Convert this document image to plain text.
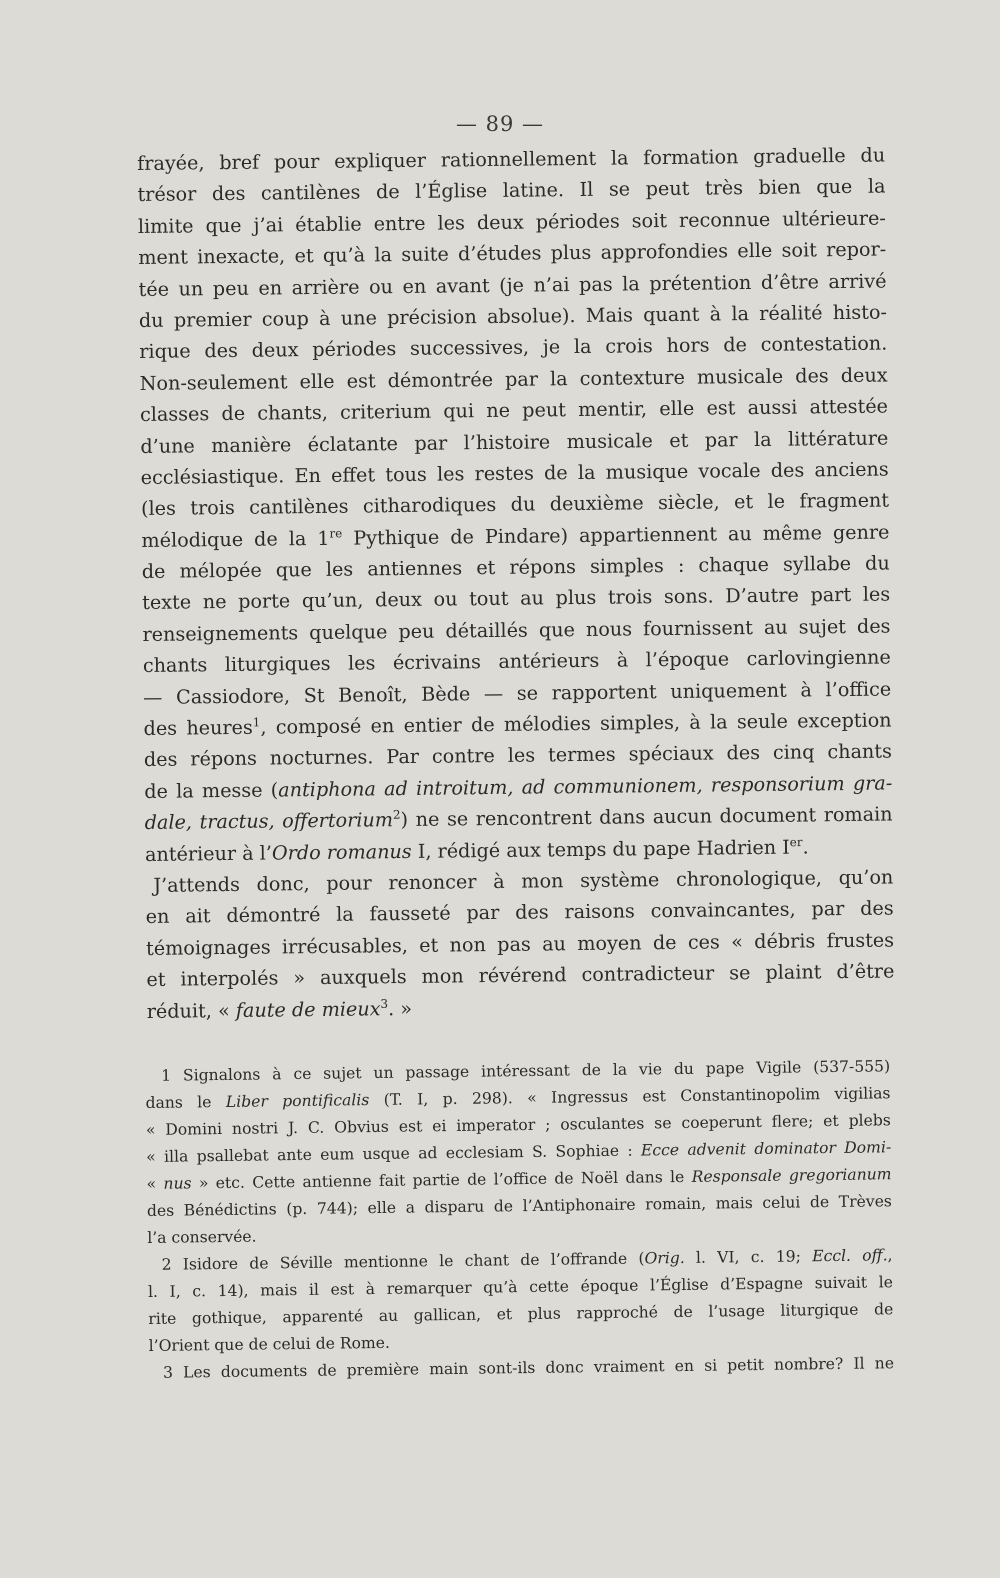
— 89 —
frayée, bref pour expliquer rationnellement la formation graduelle du
trésor des cantilènes de l’Église latine. Il se peut très bien que la
limite que j’ai établie entre les deux périodes soit reconnue ultérieure-
ment inexacte, et qu’à la suite d’études plus approfondies elle soit repor-
tée un peu en arrière ou en avant (je n’ai pas la prétention d’être arrivé
du premier coup à une précision absolue). Mais quant à la réalité histo-
rique des deux périodes successives, je la crois hors de contestation.
Non-seulement elle est démontrée par la contexture musicale des deux
classes de chants, criterium qui ne peut mentir, elle est aussi attestée
d’une manière éclatante par l’histoire musicale et par la littérature
ecclésiastique. En effet tous les restes de la musique vocale des anciens
(les trois cantilènes citharodiques du deuxième siècle, et le fragment
mélodique de la 1re Pythique de Pindare) appartiennent au même genre
de mélopée que les antiennes et répons simples : chaque syllabe du
texte ne porte qu’un, deux ou tout au plus trois sons. D’autre part les
renseignements quelque peu détaillés que nous fournissent au sujet des
chants liturgiques les écrivains antérieurs à l’époque carlovingienne
— Cassiodore, St Benoît, Bède — se rapportent uniquement à l’office
des heures$^1$, composé en entier de mélodies simples, à la seule exception
des répons nocturnes. Par contre les termes spéciaux des cinq chants
de la messe (antiphona ad introitum, ad communionem, responsorium gra-
dale, tractus, offertorium$^2$) ne se rencontrent dans aucun document romain
antérieur à l’Ordo romanus I, rédigé aux temps du pape Hadrien Ier.
J’attends donc, pour renoncer à mon système chronologique, qu’on
en ait démontré la fausseté par des raisons convaincantes, par des
témoignages irrécusables, et non pas au moyen de ces « débris frustes
et interpolés » auxquels mon révérend contradicteur se plaint d’être
réduit, « faute de mieux$^3$. »
1 Signalons à ce sujet un passage intéressant de la vie du pape Vigile (537-555)
dans le Liber pontificalis (T. I, p. 298). « Ingressus est Constantinopolim vigilias
« Domini nostri J. C. Obvius est ei imperator ; osculantes se coeperunt flere; et plebs
« illa psallebat ante eum usque ad ecclesiam S. Sophiae : Ecce advenit dominator Domi-
« nus » etc. Cette antienne fait partie de l’office de Noël dans le Responsale gregorianum
des Bénédictins (p. 744); elle a disparu de l’Antiphonaire romain, mais celui de Trèves
l’a conservée.
2 Isidore de Séville mentionne le chant de l’offrande (Orig. l. VI, c. 19; Eccl. off.,
l. I, c. 14), mais il est à remarquer qu’à cette époque l’Église d’Espagne suivait le
rite gothique, apparenté au gallican, et plus rapproché de l’usage liturgique de
l’Orient que de celui de Rome.
3 Les documents de première main sont-ils donc vraiment en si petit nombre? Il ne
